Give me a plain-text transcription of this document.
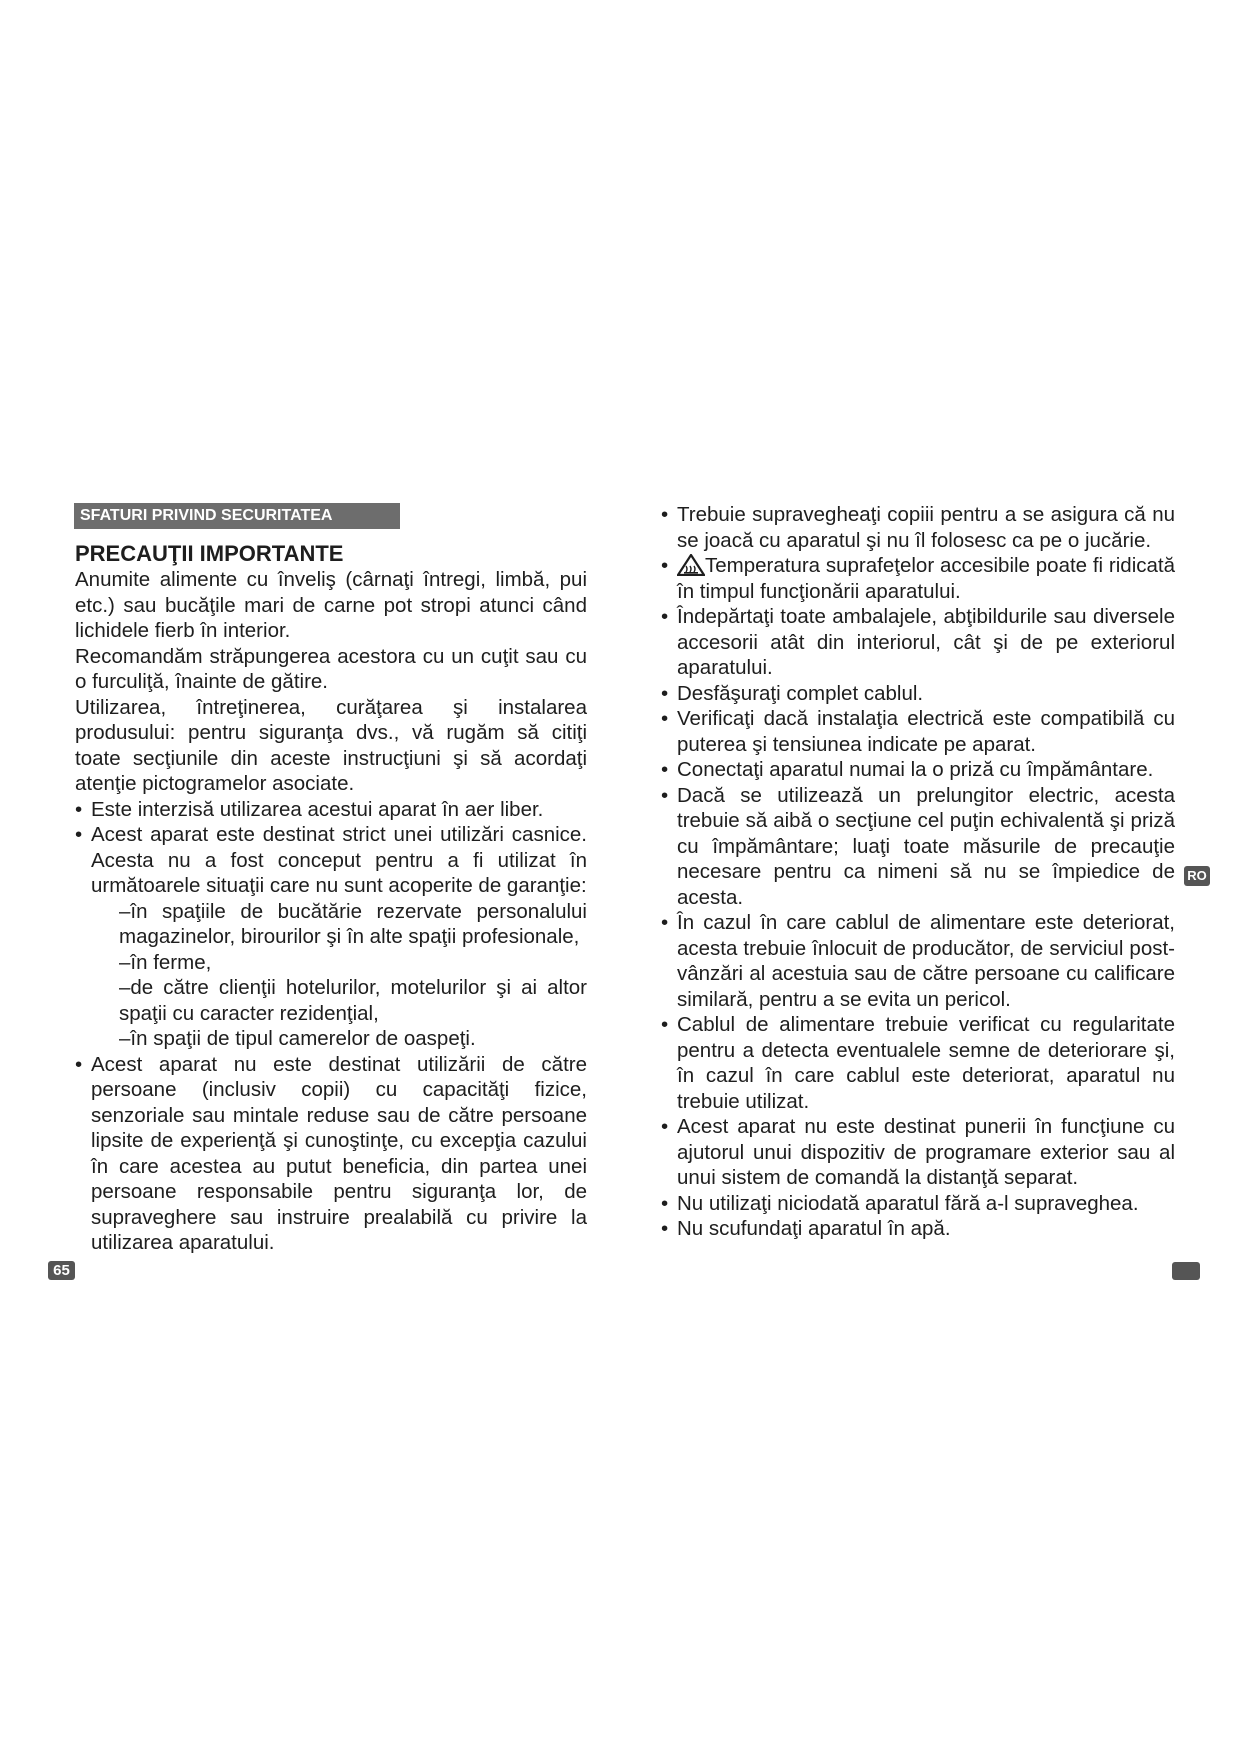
SFATURI PRIVIND SECURITATEA
PRECAUŢII IMPORTANTE

Anumite alimente cu înveliş (cârnaţi întregi, limbă, pui etc.) sau bucăţile mari de carne pot stropi atunci când lichidele fierb în interior.

Recomandăm străpungerea acestora cu un cuţit sau cu o furculiţă, înainte de gătire.

Utilizarea, întreţinerea, curăţarea şi instalarea produsului: pentru siguranţa dvs., vă rugăm să citiţi toate secţiunile din aceste instrucţiuni şi să acordaţi atenţie pictogramelor asociate.

• Este interzisă utilizarea acestui aparat în aer liber.
• Acest aparat este destinat strict unei utilizări casnice. Acesta nu a fost conceput pentru a fi utilizat în următoarele situaţii care nu sunt acoperite de garanţie:
–în spaţiile de bucătărie rezervate personalului magazinelor, birourilor şi în alte spaţii profesionale,
–în ferme,
–de către clienţii hotelurilor, motelurilor şi ai altor spaţii cu caracter rezidenţial,
–în spaţii de tipul camerelor de oaspeţi.
• Acest aparat nu este destinat utilizării de către persoane (inclusiv copii) cu capacităţi fizice, senzoriale sau mintale reduse sau de către persoane lipsite de experienţă şi cunoştinţe, cu excepţia cazului în care acestea au putut beneficia, din partea unei persoane responsabile pentru siguranţa lor, de supraveghere sau instruire prealabilă cu privire la utilizarea aparatului.
• Trebuie supravegheaţi copiii pentru a se asigura că nu se joacă cu aparatul şi nu îl folosesc ca pe o jucărie.
• Temperatura suprafeţelor accesibile poate fi ridicată în timpul funcţionării aparatului.
• Îndepărtaţi toate ambalajele, abţibildurile sau diversele accesorii atât din interiorul, cât şi de pe exteriorul aparatului.
• Desfăşuraţi complet cablul.
• Verificaţi dacă instalaţia electrică este compatibilă cu puterea şi tensiunea indicate pe aparat.
• Conectaţi aparatul numai la o priză cu împământare.
• Dacă se utilizează un prelungitor electric, acesta trebuie să aibă o secţiune cel puţin echivalentă şi priză cu împământare; luaţi toate măsurile de precauţie necesare pentru ca nimeni să nu se împiedice de acesta.
• În cazul în care cablul de alimentare este deteriorat, acesta trebuie înlocuit de producător, de serviciul post-vânzări al acestuia sau de către persoane cu calificare similară, pentru a se evita un pericol.
• Cablul de alimentare trebuie verificat cu regularitate pentru a detecta eventualele semne de deteriorare şi, în cazul în care cablul este deteriorat, aparatul nu trebuie utilizat.
• Acest aparat nu este destinat punerii în funcţiune cu ajutorul unui dispozitiv de programare exterior sau al unui sistem de comandă la distanţă separat.
• Nu utilizaţi niciodată aparatul fără a-l supraveghea.
• Nu scufundaţi aparatul în apă.
65
RO
